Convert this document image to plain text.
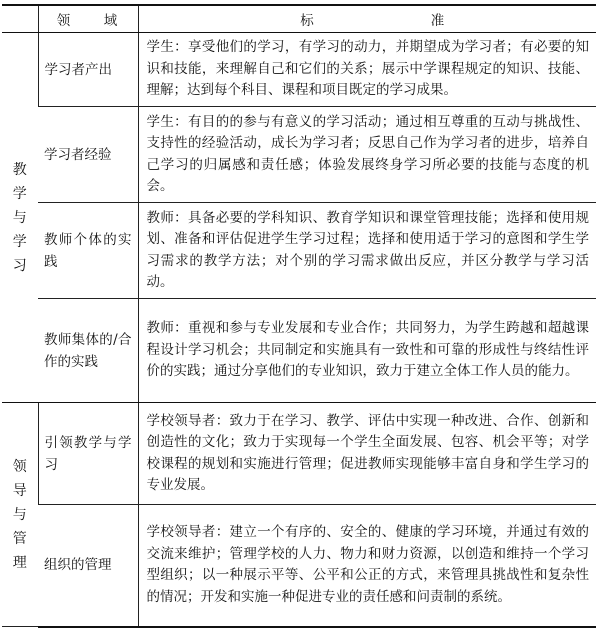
	领　域	标　　准

教
学
与
学
习	学习者产出	学生：享受他们的学习，有学习的动力，并期望成为学习者；有必要的知识和技能，来理解自己和它们的关系；展示中学课程规定的知识、技能、理解；达到每个科目、课程和项目既定的学习成果。
	学习者经验	学生：有目的的参与有意义的学习活动；通过相互尊重的互动与挑战性、支持性的经验活动，成长为学习者；反思自己作为学习者的进步，培养自己学习的归属感和责任感；体验发展终身学习所必要的技能与态度的机会。
	教师个体的实践	教师：具备必要的学科知识、教育学知识和课堂管理技能；选择和使用规划、准备和评估促进学生学习过程；选择和使用适于学习的意图和学生学习需求的教学方法；对个别的学习需求做出反应，并区分教学与学习活动。
	教师集体的/合作的实践	教师：重视和参与专业发展和专业合作；共同努力，为学生跨越和超越课程设计学习机会；共同制定和实施具有一致性和可靠的形成性与终结性评价的实践；通过分享他们的专业知识，致力于建立全体工作人员的能力。

领
导
与
管
理	引领教学与学习	学校领导者：致力于在学习、教学、评估中实现一种改进、合作、创新和创造性的文化；致力于实现每一个学生全面发展、包容、机会平等；对学校课程的规划和实施进行管理；促进教师实现能够丰富自身和学生学习的专业发展。
	组织的管理	学校领导者：建立一个有序的、安全的、健康的学习环境，并通过有效的交流来维护；管理学校的人力、物力和财力资源，以创造和维持一个学习型组织；以一种展示平等、公平和公正的方式，来管理具挑战性和复杂性的情况；开发和实施一种促进专业的责任感和问责制的系统。
